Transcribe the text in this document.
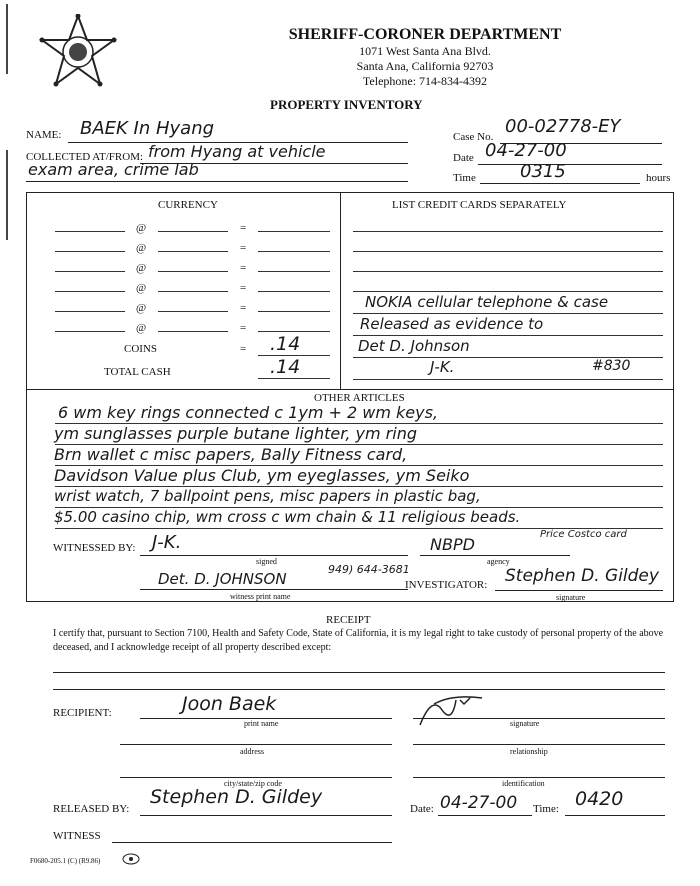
SHERIFF-CORONER DEPARTMENT
1071 West Santa Ana Blvd.
Santa Ana, California 92703
Telephone: 714-834-4392
PROPERTY INVENTORY
NAME: BAEK In Hyang
COLLECTED AT/FROM: from Hyang at vehicle
exam area, crime lab
Case No. 00-02778-EY
Date 04-27-00
Time 0315	hours
CURRENCY
@	=
@	=
@	=
@	=
@	=
@	=
COINS	= .14
TOTAL CASH	.14
LIST CREDIT CARDS SEPARATELY
NOKIA cellular telephone & case
Released as evidence to
Det D. Johnson
J-K.	#830
OTHER ARTICLES
6 wm key rings connected c 1ym + 2 wm keys,
ym sunglasses purple butane lighter, ym ring
Brn wallet c misc papers, Bally Fitness card,
Davidson Value plus Club, ym eyeglasses, ym Seiko
wrist watch, 7 ballpoint pens, misc papers in plastic bag,
$5.00 casino chip, wm cross c wm chain & 11 religious beads.
Price Costco card
WITNESSED BY: J-K.
signed
NBPD
agency
Det. D. JOHNSON
949) 644-3681
witness print name
INVESTIGATOR: Stephen D. Gildey
signature
RECEIPT
I certify that, pursuant to Section 7100, Health and Safety Code, State of California, it is my legal right to take custody of personal property of the above deceased, and I acknowledge receipt of all property described except:
RECIPIENT:	Joon Baek
print name	signature
address	relationship
city/state/zip code	identification
RELEASED BY:
Stephen D. Gildey
Date: 04-27-00 Time: 0420
WITNESS
F0680-205.1 (C) (R9.86)
